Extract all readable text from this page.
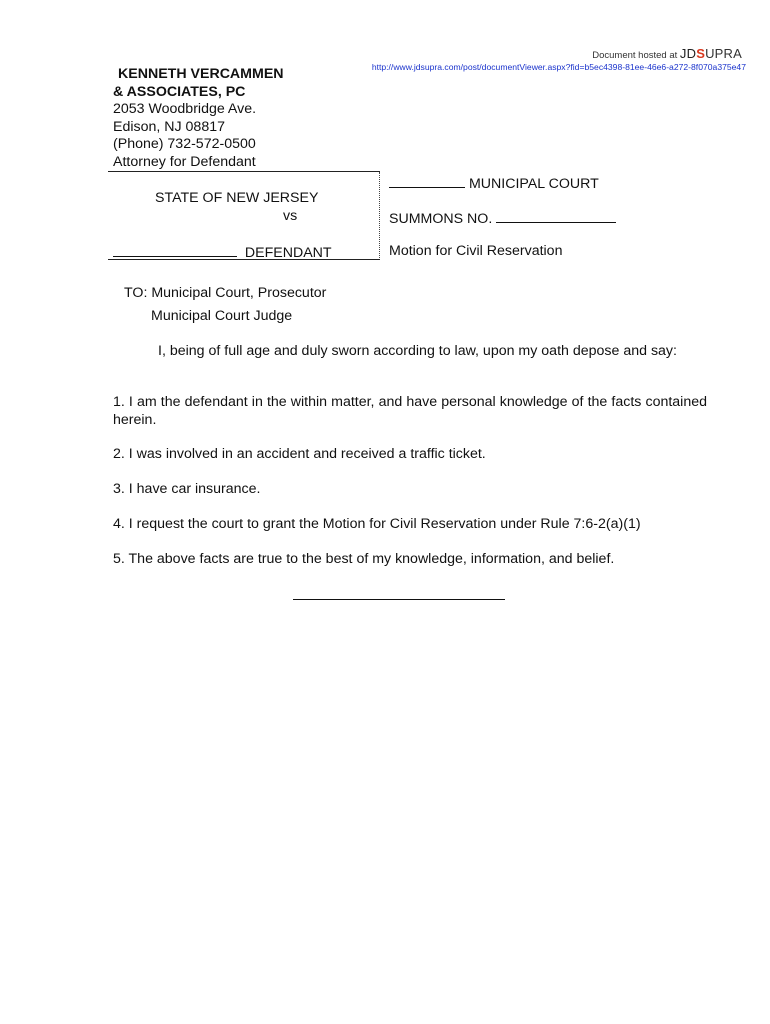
Document hosted at JDSUPRA
http://www.jdsupra.com/post/documentViewer.aspx?fid=b5ec4398-81ee-46e6-a272-8f070a375e47
KENNETH VERCAMMEN
& ASSOCIATES, PC
2053 Woodbridge Ave.
Edison, NJ 08817
(Phone) 732-572-0500
Attorney for Defendant
STATE OF NEW JERSEY
vs
DEFENDANT
MUNICIPAL COURT
SUMMONS NO.
Motion for Civil Reservation
TO: Municipal Court, Prosecutor
Municipal Court Judge
I, being of full age and duly sworn according to law, upon my oath depose and say:
1. I am the defendant in the within matter, and have personal knowledge of the facts contained herein.
2. I was involved in an accident and received a traffic ticket.
3. I have car insurance.
4. I request the court to grant the Motion for Civil Reservation under Rule 7:6-2(a)(1)
5. The above facts are true to the best of my knowledge, information, and belief.
